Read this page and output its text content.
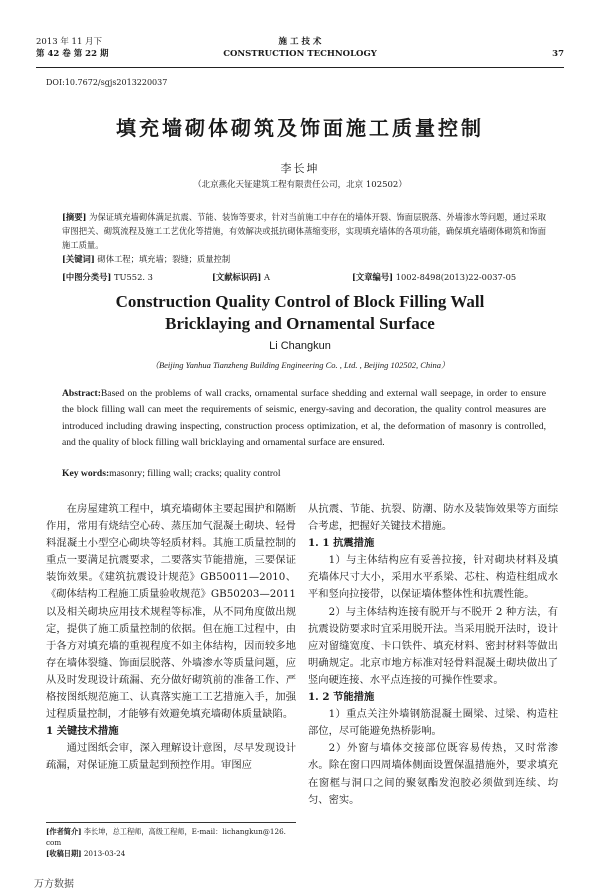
2013 年 11 月下
第 42 卷 第 22 期
施 工 技 术
CONSTRUCTION TECHNOLOGY	37
DOI:10.7672/sgjs2013220037
填充墙砌体砌筑及饰面施工质量控制
李长坤
（北京燕化天钲建筑工程有限责任公司，北京 102502）
[摘要] 为保证填充墙砌体满足抗震、节能、装饰等要求，针对当前施工中存在的墙体开裂、饰面层脱落、外墙渗水等问题，通过采取审图把关、砌筑流程及施工工艺优化等措施，有效解决或抵抗砌体蒸缩变形，实现填充墙体的各项功能，确保填充墙砌体砌筑和饰面施工质量。
[关键词] 砌体工程；填充墙；裂缝；质量控制
[中图分类号] TU552. 3	[文献标识码] A	[文章编号] 1002-8498(2013)22-0037-05
Construction Quality Control of Block Filling Wall
Bricklaying and Ornamental Surface
Li Changkun
（Beijing Yanhua Tianzheng Building Engineering Co. , Ltd. , Beijing 102502, China）
Abstract:Based on the problems of wall cracks, ornamental surface shedding and external wall seepage, in order to ensure the block filling wall can meet the requirements of seismic, energy-saving and decoration, the quality control measures are introduced including drawing inspecting, construction process optimization, et al, the deformation of masonry is controlled, and the quality of block filling wall bricklaying and ornamental surface are ensured.
Key words:masonry; filling wall; cracks; quality control

在房屋建筑工程中，填充墙砌体主要起围护和隔断作用，常用有烧结空心砖、蒸压加气混凝土砌块、轻骨料混凝土小型空心砌块等轻质材料。其施工质量控制的重点一要满足抗震要求，二要落实节能措施，三要保证装饰效果。《建筑抗震设计规范》GB50011—2010、《砌体结构工程施工质量验收规范》GB50203—2011 以及相关砌块应用技术规程等标准，从不同角度做出规定，提供了施工质量控制的依据。但在施工过程中，由于各方对填充墙的重视程度不如主体结构，因而较多地存在墙体裂缝、饰面层脱落、外墙渗水等质量问题，应从及时发现设计疏漏、充分做好砌筑前的准备工作、严格按图纸规范施工、认真落实施工工艺措施入手，加强过程质量控制，才能够有效避免填充墙砌体质量缺陷。

1 关键技术措施

通过图纸会审，深入理解设计意图，尽早发现设计疏漏，对保证施工质量起到预控作用。审图应

从抗震、节能、抗裂、防潮、防水及装饰效果等方面综合考虑，把握好关键技术措施。

1. 1 抗震措施

1）与主体结构应有妥善拉接，针对砌块材料及填充墙体尺寸大小，采用水平系梁、芯柱、构造柱组成水平和竖向拉接带，以保证墙体整体性和抗震性能。

2）与主体结构连接有脱开与不脱开 2 种方法，有抗震设防要求时宜采用脱开法。当采用脱开法时，设计应对留缝宽度、卡口铁件、填充材料、密封材料等做出明确规定。北京市地方标准对轻骨料混凝土砌块做出了竖向硬连接、水平点连接的可操作性要求。

1. 2 节能措施

1）重点关注外墙钢筋混凝土圈梁、过梁、构造柱部位，尽可能避免热桥影响。

2）外窗与墙体交接部位既容易传热，又时常渗水。除在窗口四周墙体侧面设置保温措施外，要求填充在窗框与洞口之间的聚氨酯发泡胶必须做到连续、均匀、密实。

[作者简介] 李长坤，总工程师，高级工程师，E-mail：lichangkun@126. com
[收稿日期] 2013-03-24
万方数据
